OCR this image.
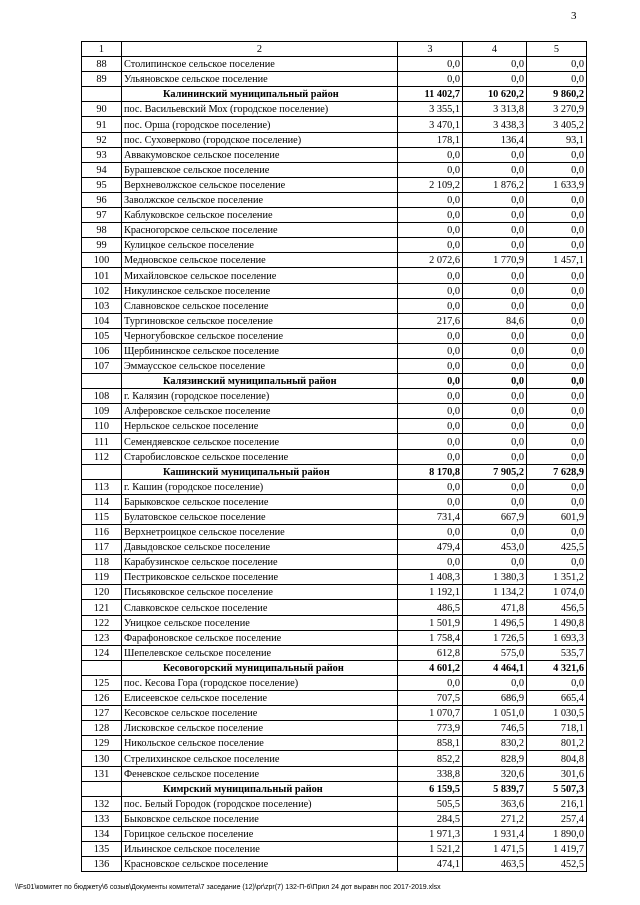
3
1	2	3	4	5
88	Столипинское сельское поселение	0,0	0,0	0,0
89	Ульяновское сельское поселение	0,0	0,0	0,0
	Калининский муниципальный район	11 402,7	10 620,2	9 860,2
90	пос. Васильевский Мох (городское поселение)	3 355,1	3 313,8	3 270,9
91	пос. Орша (городское поселение)	3 470,1	3 438,3	3 405,2
92	пос. Суховерково (городское поселение)	178,1	136,4	93,1
93	Аввакумовское сельское поселение	0,0	0,0	0,0
94	Бурашевское сельское поселение	0,0	0,0	0,0
95	Верхневолжское сельское поселение	2 109,2	1 876,2	1 633,9
96	Заволжское сельское поселение	0,0	0,0	0,0
97	Каблуковское сельское поселение	0,0	0,0	0,0
98	Красногорское сельское поселение	0,0	0,0	0,0
99	Кулицкое сельское поселение	0,0	0,0	0,0
100	Медновское сельское поселение	2 072,6	1 770,9	1 457,1
101	Михайловское сельское поселение	0,0	0,0	0,0
102	Никулинское сельское поселение	0,0	0,0	0,0
103	Славновское сельское поселение	0,0	0,0	0,0
104	Тургиновское сельское поселение	217,6	84,6	0,0
105	Черногубовское сельское поселение	0,0	0,0	0,0
106	Щербининское сельское поселение	0,0	0,0	0,0
107	Эммаусское сельское поселение	0,0	0,0	0,0
	Калязинский муниципальный район	0,0	0,0	0,0
108	г. Калязин (городское поселение)	0,0	0,0	0,0
109	Алферовское сельское поселение	0,0	0,0	0,0
110	Нерльское сельское поселение	0,0	0,0	0,0
111	Семендяевское сельское поселение	0,0	0,0	0,0
112	Старобисловское сельское поселение	0,0	0,0	0,0
	Кашинский муниципальный район	8 170,8	7 905,2	7 628,9
113	г. Кашин (городское поселение)	0,0	0,0	0,0
114	Барыковское сельское поселение	0,0	0,0	0,0
115	Булатовское сельское поселение	731,4	667,9	601,9
116	Верхнетроицкое сельское поселение	0,0	0,0	0,0
117	Давыдовское сельское поселение	479,4	453,0	425,5
118	Карабузинское сельское поселение	0,0	0,0	0,0
119	Пестриковское сельское поселение	1 408,3	1 380,3	1 351,2
120	Письяковское сельское поселение	1 192,1	1 134,2	1 074,0
121	Славковское сельское поселение	486,5	471,8	456,5
122	Уницкое сельское поселение	1 501,9	1 496,5	1 490,8
123	Фарафоновское сельское поселение	1 758,4	1 726,5	1 693,3
124	Шепелевское сельское поселение	612,8	575,0	535,7
	Кесовогорский муниципальный район	4 601,2	4 464,1	4 321,6
125	пос. Кесова Гора (городское поселение)	0,0	0,0	0,0
126	Елисеевское сельское поселение	707,5	686,9	665,4
127	Кесовское сельское поселение	1 070,7	1 051,0	1 030,5
128	Лисковское сельское поселение	773,9	746,5	718,1
129	Никольское сельское поселение	858,1	830,2	801,2
130	Стрелихинское сельское поселение	852,2	828,9	804,8
131	Феневское сельское поселение	338,8	320,6	301,6
	Кимрский муниципальный район	6 159,5	5 839,7	5 507,3
132	пос. Белый Городок (городское поселение)	505,5	363,6	216,1
133	Быковское сельское поселение	284,5	271,2	257,4
134	Горицкое сельское поселение	1 971,3	1 931,4	1 890,0
135	Ильинское сельское поселение	1 521,2	1 471,5	1 419,7
136	Красновское сельское поселение	474,1	463,5	452,5
\\Fs01\комитет по бюджету\6 созыв\Документы комитета\7 заседание (12)\pr\zpr(7) 132-П-6\Прил 24 дот выравн пос 2017-2019.xlsx
